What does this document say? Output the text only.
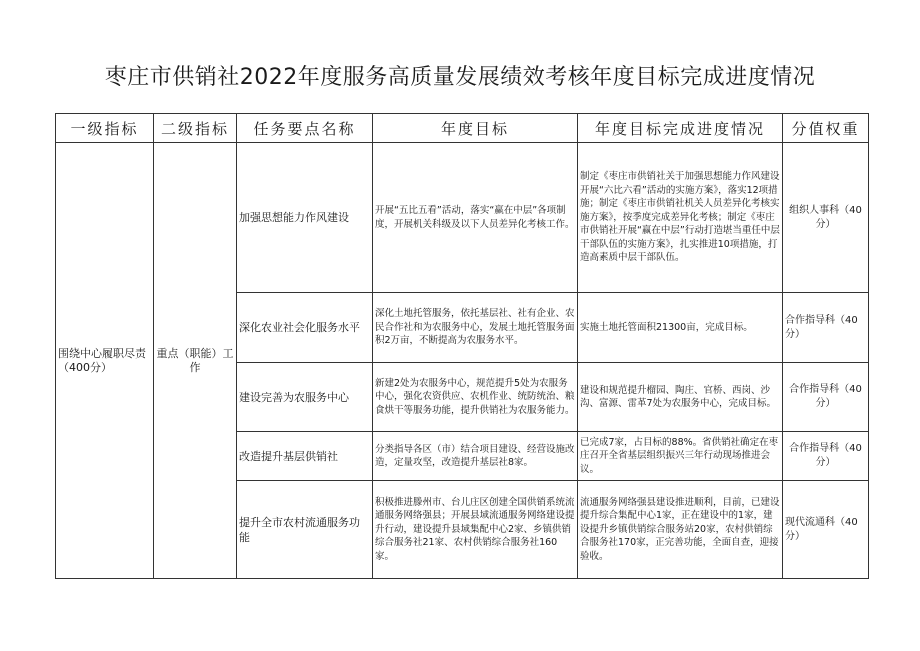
枣庄市供销社2022年度服务高质量发展绩效考核年度目标完成进度情况
一级指标	二级指标	任务要点名称	年度目标	年度目标完成进度情况	分值权重
围绕中心履职尽责（400分）	重点（职能）工作	加强思想能力作风建设	开展“五比五看”活动，落实“赢在中层”各项制度，开展机关科级及以下人员差异化考核工作。	制定《枣庄市供销社关于加强思想能力作风建设开展“六比六看”活动的实施方案》，落实12项措施；制定《枣庄市供销社机关人员差异化考核实施方案》，按季度完成差异化考核；制定《枣庄市供销社开展“赢在中层”行动打造堪当重任中层干部队伍的实施方案》，扎实推进10项措施，打造高素质中层干部队伍。	组织人事科（40分）
		深化农业社会化服务水平	深化土地托管服务，依托基层社、社有企业、农民合作社和为农服务中心，发展土地托管服务面积2万亩，不断提高为农服务水平。	实施土地托管面积21300亩，完成目标。	合作指导科（40分）
		建设完善为农服务中心	新建2处为农服务中心，规范提升5处为农服务中心，强化农资供应、农机作业、统防统治、粮食烘干等服务功能，提升供销社为农服务能力。	建设和规范提升榴园、陶庄、官桥、西岗、沙沟、富源、雷革7处为农服务中心，完成目标。	合作指导科（40分）
		改造提升基层供销社	分类指导各区（市）结合项目建设、经营设施改造，定量攻坚，改造提升基层社8家。	已完成7家，占目标的88%。省供销社确定在枣庄召开全省基层组织振兴三年行动现场推进会议。	合作指导科（40分）
		提升全市农村流通服务功能	积极推进滕州市、台儿庄区创建全国供销系统流通服务网络强县；开展县域流通服务网络建设提升行动，建设提升县域集配中心2家、乡镇供销综合服务社21家、农村供销综合服务社160家。	流通服务网络强县建设推进顺利，目前，已建设提升综合集配中心1家，正在建设中的1家，建设提升乡镇供销综合服务站20家，农村供销综合服务社170家，正完善功能，全面自查，迎接验收。	现代流通科（40分）
